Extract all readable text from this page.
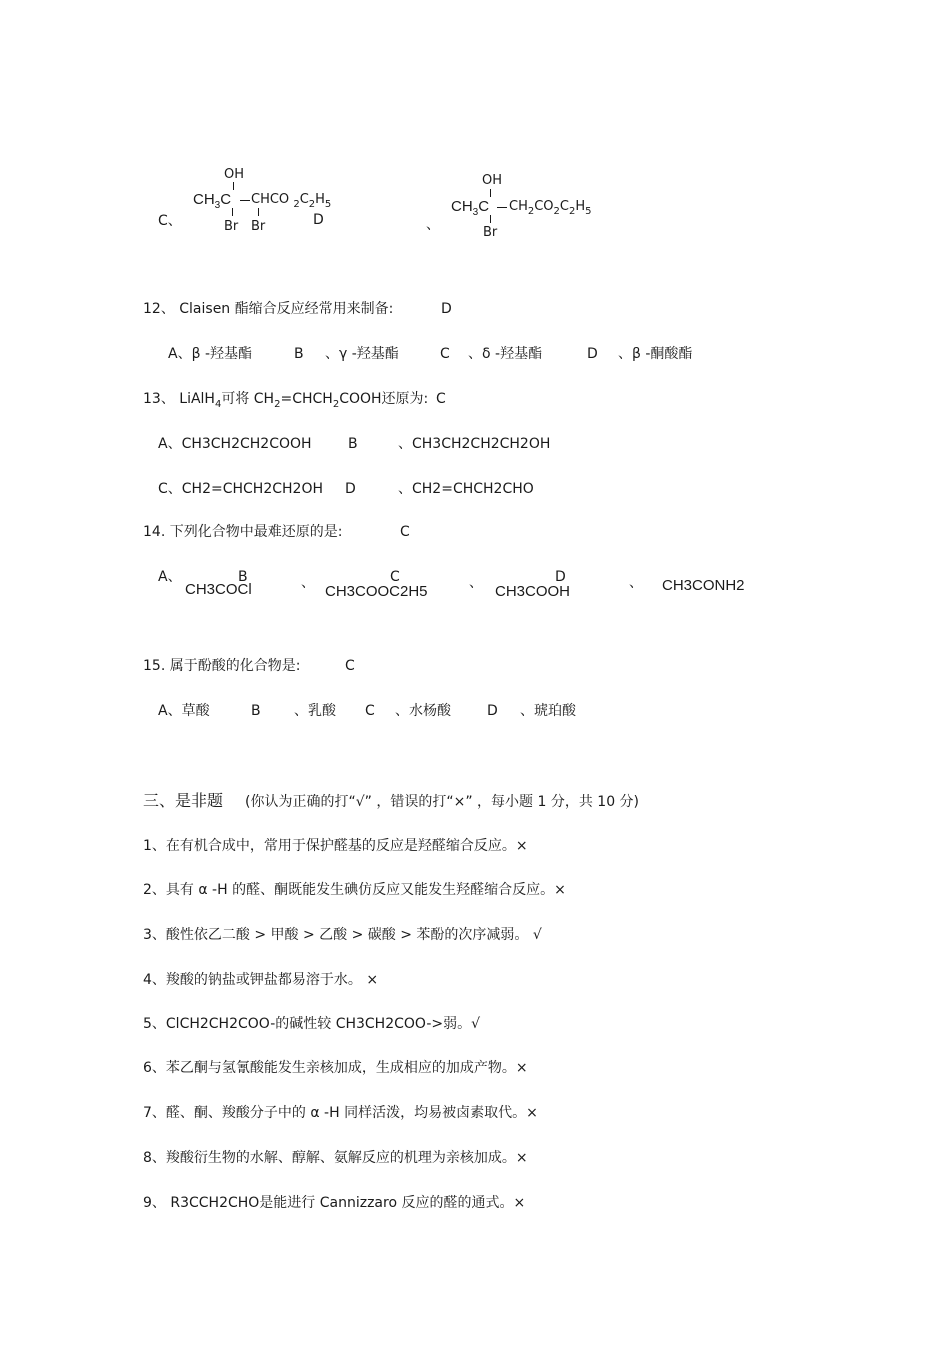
C、
OH
$CH_3C$ CHCO $_2C_2H_5$
Br Br	D	、
OH
$CH_3C$ $CH_2CO_2C_2H_5$
Br
12、 Claisen 酯缩合反应经常用来制备:	D
A、β -羟基酯	B 、γ -羟基酯	C 、δ -羟基酯	D 、β -酮酸酯
13、 LiAlH$_4$可将 $CH_2=CHCH_2COOH$还原为: C
A、CH3CH2CH2COOH	B	、CH3CH2CH2CH2OH
C、CH2=CHCH2CH2OH D	、CH2=CHCH2CHO
14. 下列化合物中最难还原的是:	C
A、	B	C	D
、	、	、
CH3COCl	CH3COOC2H5	CH3COOH	CH3CONH2
15. 属于酚酸的化合物是:	C
A、草酸	B 、乳酸 C 、水杨酸	D 、琥珀酸
三、是非题 (你认为正确的打“√” ，错误的打“×” ，每小题 1 分，共 10 分)
1、在有机合成中，常用于保护醛基的反应是羟醛缩合反应。×
2、具有 α -H 的醛、酮既能发生碘仿反应又能发生羟醛缩合反应。×
3、酸性依乙二酸 > 甲酸 > 乙酸 > 碳酸 > 苯酚的次序减弱。 √
4、羧酸的钠盐或钾盐都易溶于水。 ×
5、ClCH2CH2COO-的碱性较 CH3CH2COO->弱。√
6、苯乙酮与氢氰酸能发生亲核加成，生成相应的加成产物。×
7、醛、酮、羧酸分子中的 α -H 同样活泼，均易被卤素取代。×
8、羧酸衍生物的水解、醇解、氨解反应的机理为亲核加成。×
9、 R3CCH2CHO是能进行 Cannizzaro 反应的醛的通式。×
